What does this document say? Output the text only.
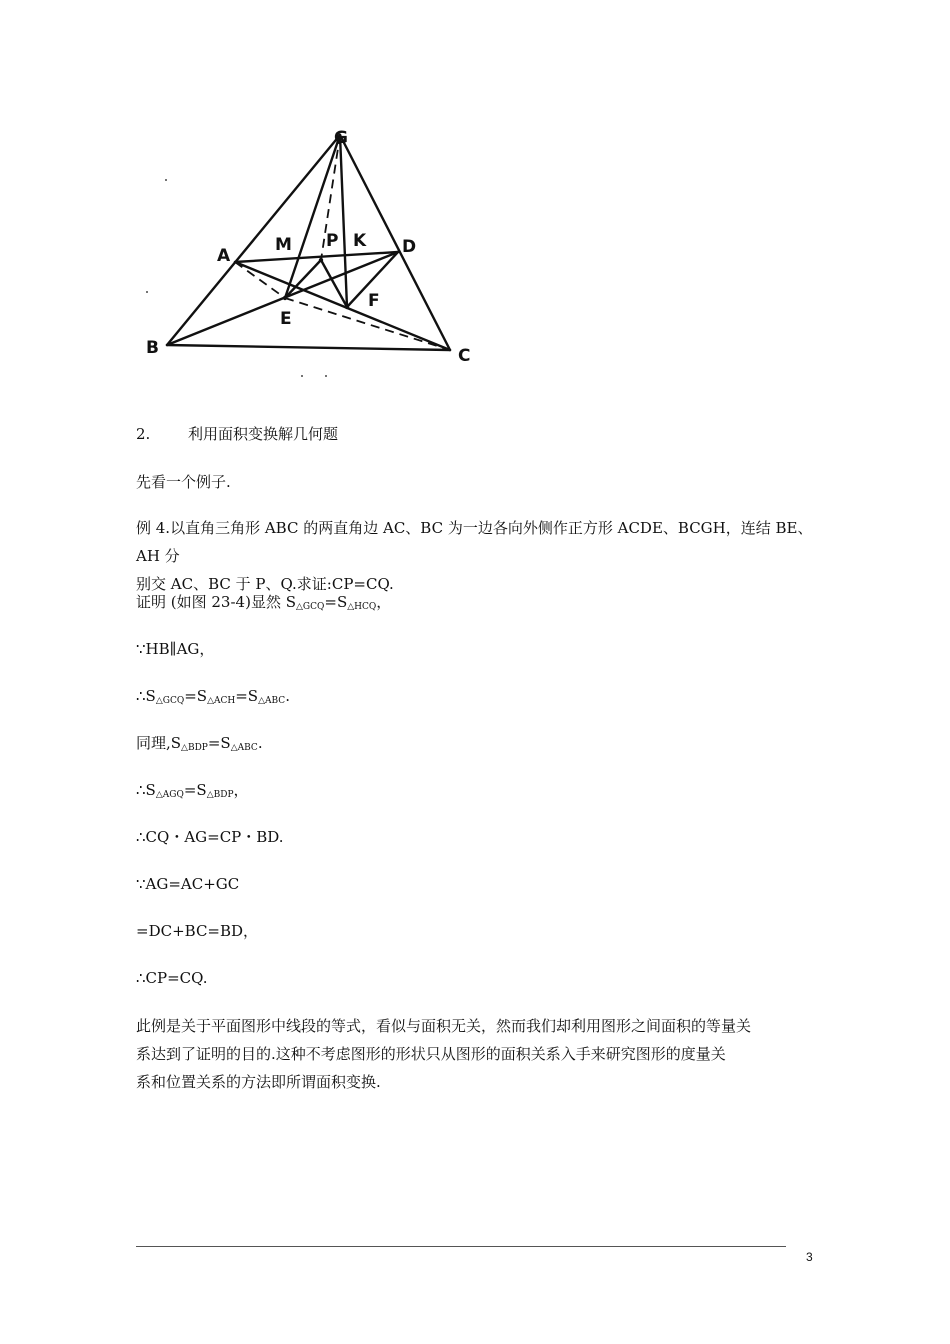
G
A
M P K D
E
F
B	C
2.	利用面积变换解几何题
先看一个例子.
例 4.以直角三角形 ABC 的两直角边 AC、BC 为一边各向外侧作正方形 ACDE、BCGH，连结 BE、AH 分
别交 AC、BC 于 P、Q.求证:CP=CQ.
证明 (如图 23-4)显然 $S_{\triangle GCQ}=S_{\triangle HCQ}$，
∵HB∥AG，
$\therefore S_{\triangle GCQ}=S_{\triangle ACH}=S_{\triangle ABC}$.
同理$,S_{\triangle BDP}=S_{\triangle ABC}$.
$\therefore S_{\triangle AGQ}=S_{\triangle BDP}$，
∴CQ・AG=CP・BD.
∵AG=AC+GC
=DC+BC=BD，
∴CP=CQ.
此例是关于平面图形中线段的等式，看似与面积无关，然而我们却利用图形之间面积的等量关
系达到了证明的目的.这种不考虑图形的形状只从图形的面积关系入手来研究图形的度量关
系和位置关系的方法即所谓面积变换.
3
